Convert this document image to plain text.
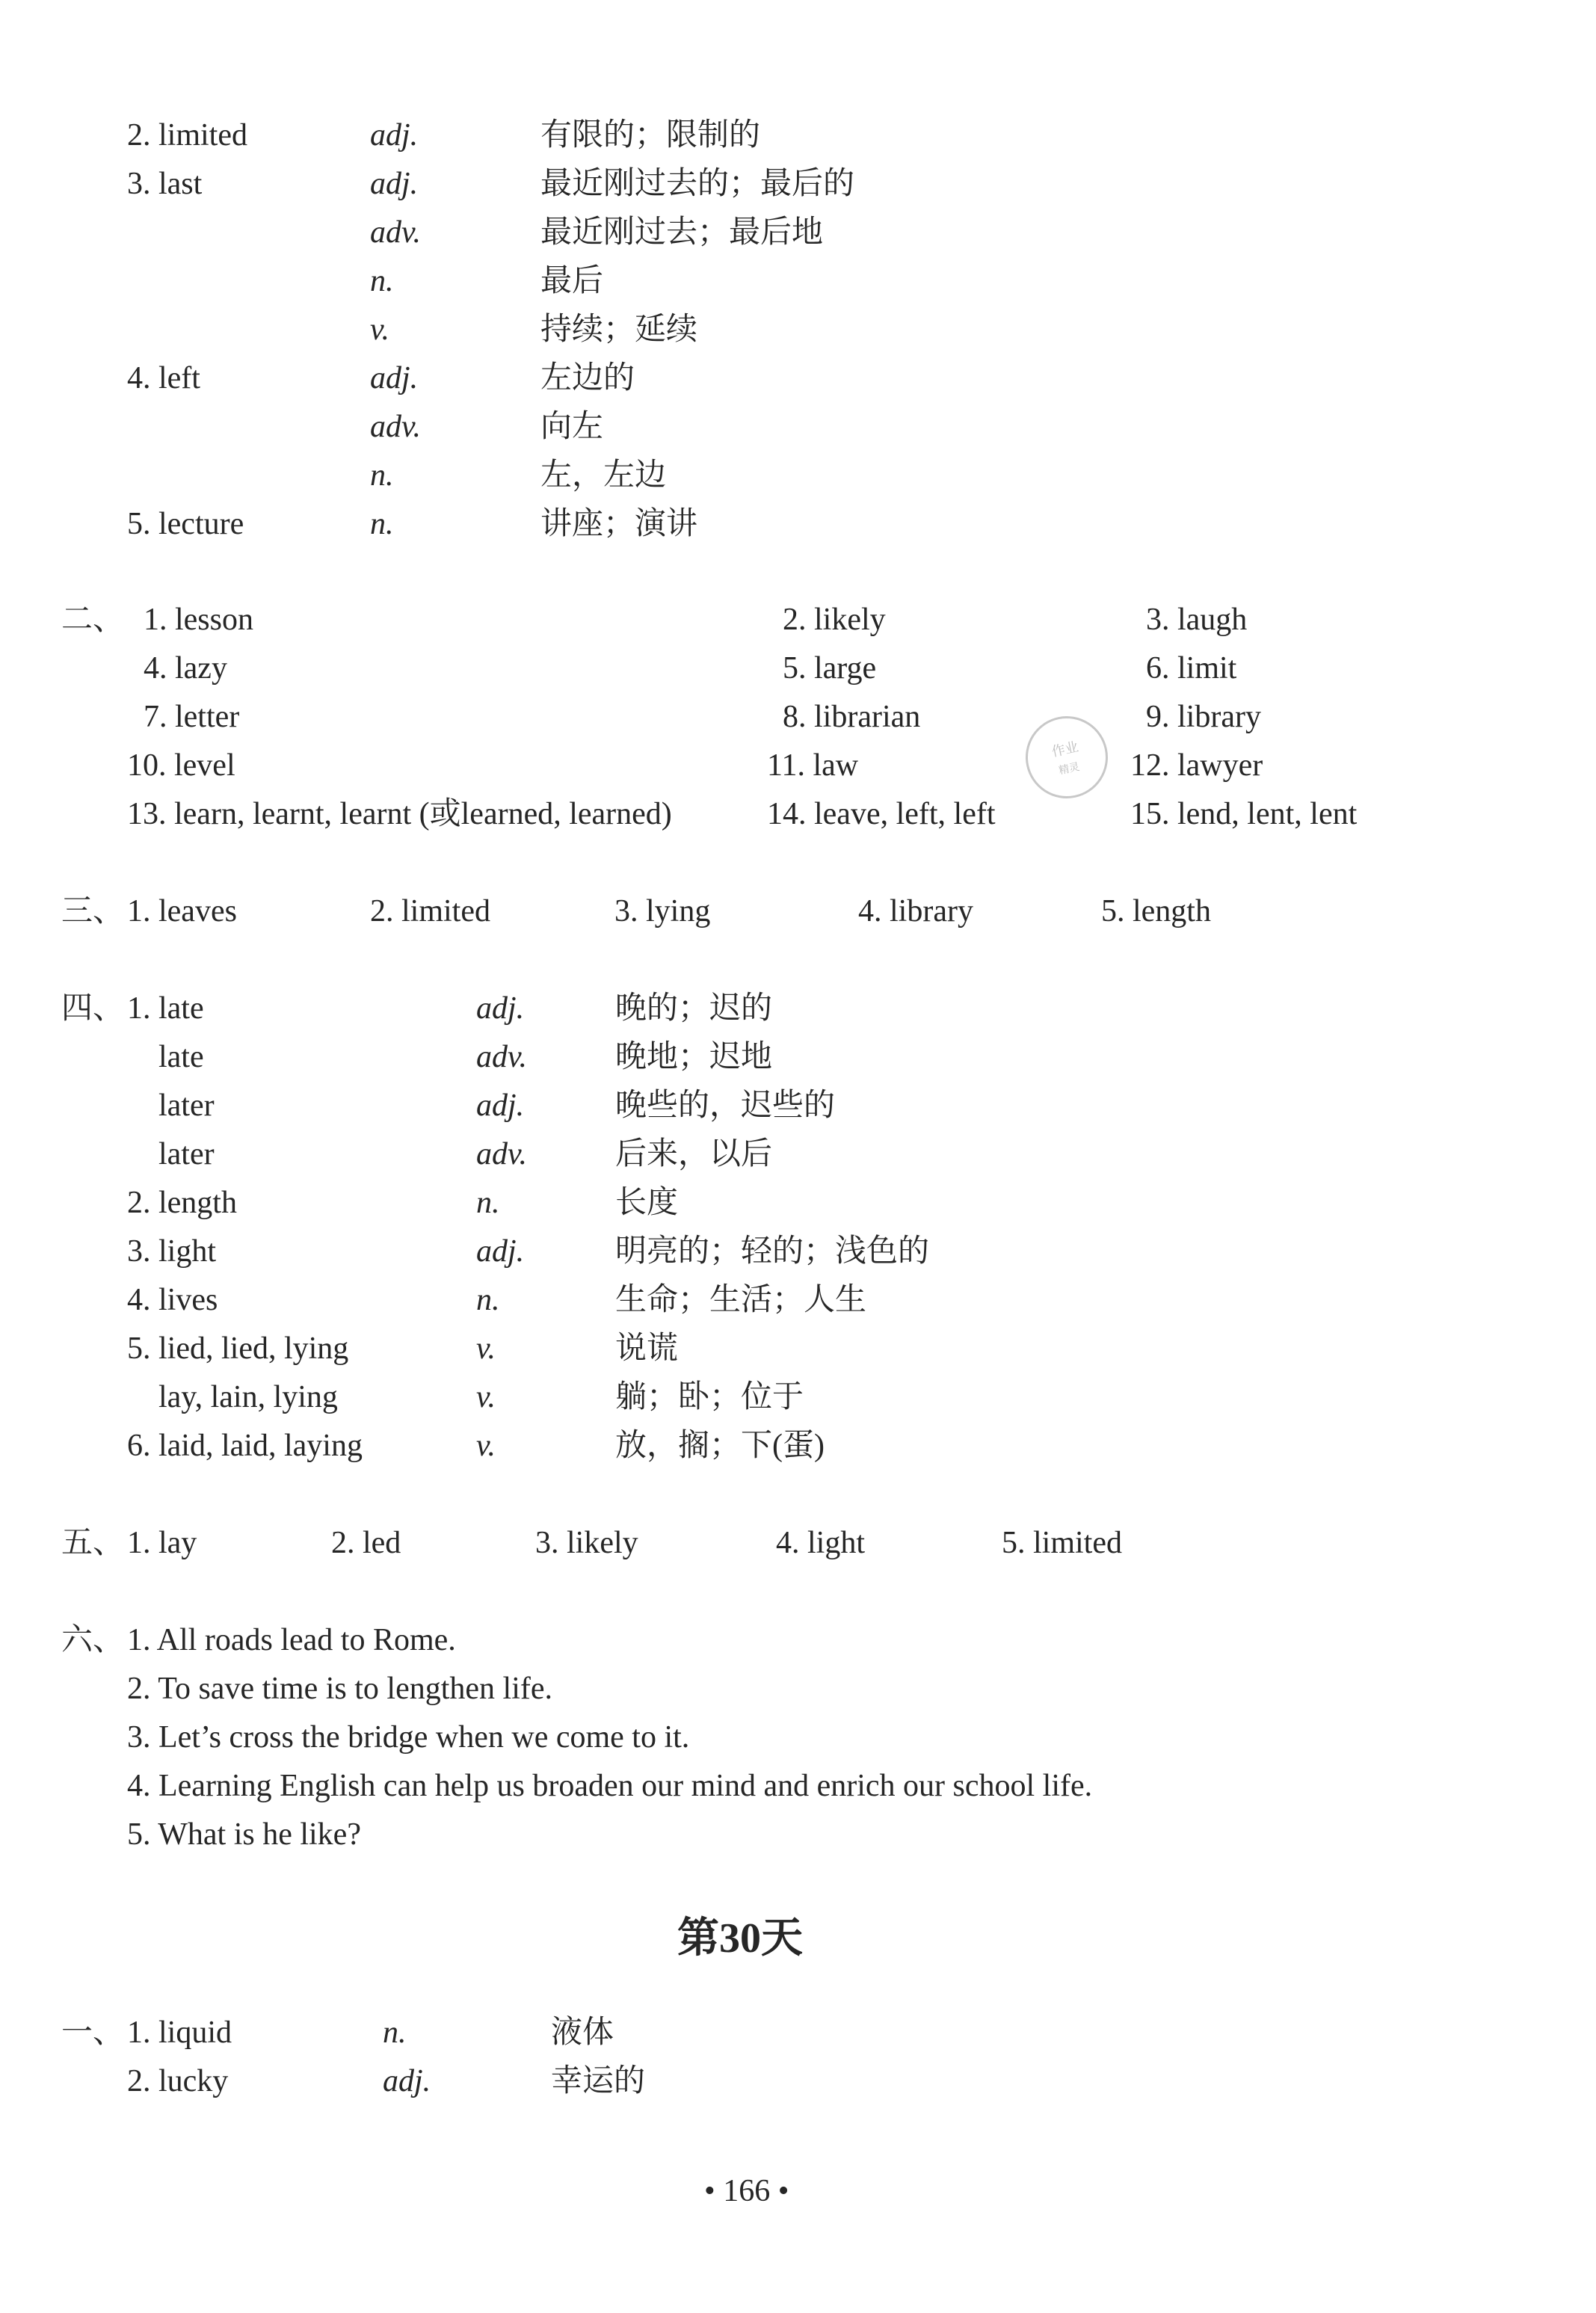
2. limited	adj.	有限的；限制的
3. last	adj.	最近刚过去的；最后的
adv.	最近刚过去；最后地
n.	最后
v.	持续；延续
4. left	adj.	左边的
adv.	向左
n.	左，左边
5. lecture	n.	讲座；演讲
二、 1. lesson	2. likely	3. laugh
4. lazy	5. large	6. limit
7. letter	8. librarian	9. library
10. level	11. law	12. lawyer
13. learn, learnt, learnt (或learned, learned)	14. leave, left, left	15. lend, lent, lent
作业
精灵
三、 1. leaves	2. limited	3. lying	4. library	5. length
四、 1. late	adj.	晚的；迟的
late	adv.	晚地；迟地
later	adj.	晚些的，迟些的
later	adv.	后来，以后
2. length	n.	长度
3. light	adj.	明亮的；轻的；浅色的
4. lives	n.	生命；生活；人生
5. lied, lied, lying	v.	说谎
lay, lain, lying	v.	躺；卧；位于
6. laid, laid, laying	v.	放，搁；下(蛋)
五、 1. lay	2. led	3. likely	4. light	5. limited
六、 1. All roads lead to Rome.
2. To save time is to lengthen life.
3. Let’s cross the bridge when we come to it.
4. Learning English can help us broaden our mind and enrich our school life.
5. What is he like?
第30天
一、 1. liquid	n.	液体
2. lucky	adj.	幸运的
• 166 •
